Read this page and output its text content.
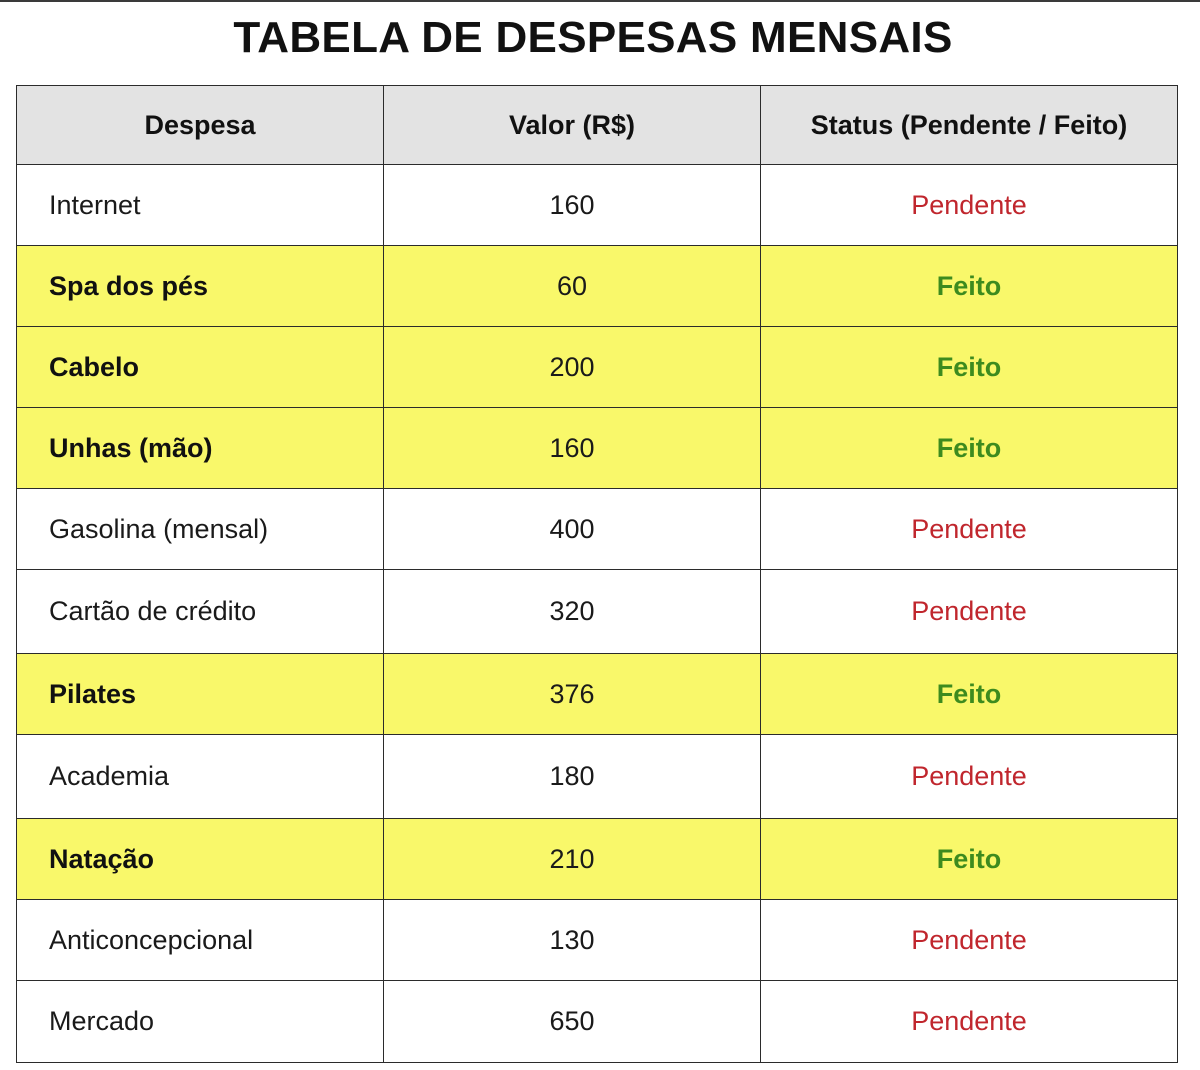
TABELA DE DESPESAS MENSAIS
Despesa	Valor (R$)	Status (Pendente / Feito)
Internet	160	Pendente
Spa dos pés	60	Feito
Cabelo	200	Feito
Unhas (mão)	160	Feito
Gasolina (mensal)	400	Pendente
Cartão de crédito	320	Pendente
Pilates	376	Feito
Academia	180	Pendente
Natação	210	Feito
Anticoncepcional	130	Pendente
Mercado	650	Pendente
